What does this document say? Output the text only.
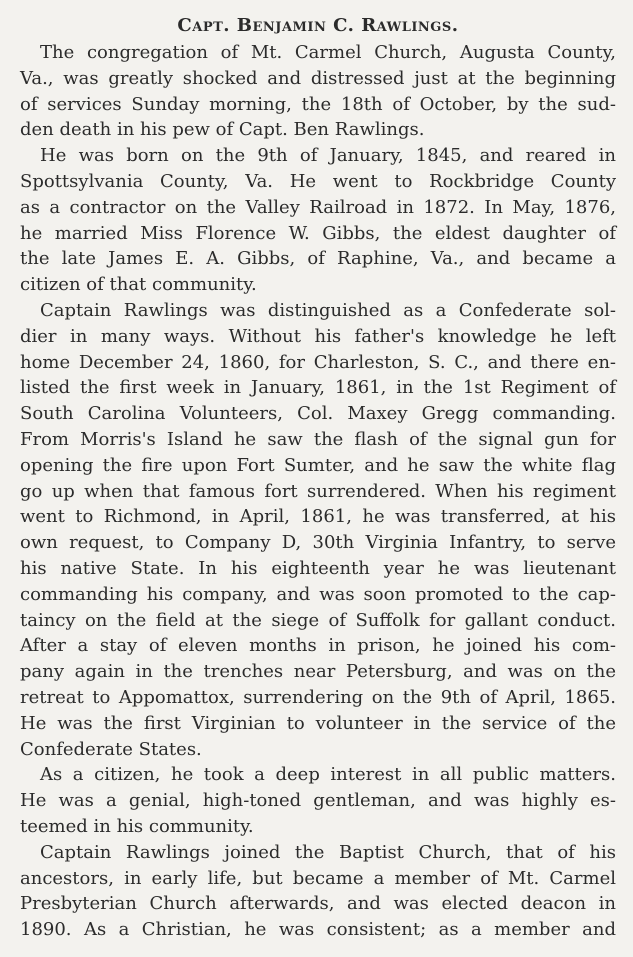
Capt. Benjamin C. Rawlings.
The congregation of Mt. Carmel Church, Augusta County,
Va., was greatly shocked and distressed just at the beginning
of services Sunday morning, the 18th of October, by the sud-
den death in his pew of Capt. Ben Rawlings.
He was born on the 9th of January, 1845, and reared in
Spottsylvania County, Va. He went to Rockbridge County
as a contractor on the Valley Railroad in 1872. In May, 1876,
he married Miss Florence W. Gibbs, the eldest daughter of
the late James E. A. Gibbs, of Raphine, Va., and became a
citizen of that community.
Captain Rawlings was distinguished as a Confederate sol-
dier in many ways. Without his father's knowledge he left
home December 24, 1860, for Charleston, S. C., and there en-
listed the first week in January, 1861, in the 1st Regiment of
South Carolina Volunteers, Col. Maxey Gregg commanding.
From Morris's Island he saw the flash of the signal gun for
opening the fire upon Fort Sumter, and he saw the white flag
go up when that famous fort surrendered. When his regiment
went to Richmond, in April, 1861, he was transferred, at his
own request, to Company D, 30th Virginia Infantry, to serve
his native State. In his eighteenth year he was lieutenant
commanding his company, and was soon promoted to the cap-
taincy on the field at the siege of Suffolk for gallant conduct.
After a stay of eleven months in prison, he joined his com-
pany again in the trenches near Petersburg, and was on the
retreat to Appomattox, surrendering on the 9th of April, 1865.
He was the first Virginian to volunteer in the service of the
Confederate States.
As a citizen, he took a deep interest in all public matters.
He was a genial, high-toned gentleman, and was highly es-
teemed in his community.
Captain Rawlings joined the Baptist Church, that of his
ancestors, in early life, but became a member of Mt. Carmel
Presbyterian Church afterwards, and was elected deacon in
1890. As a Christian, he was consistent; as a member and
